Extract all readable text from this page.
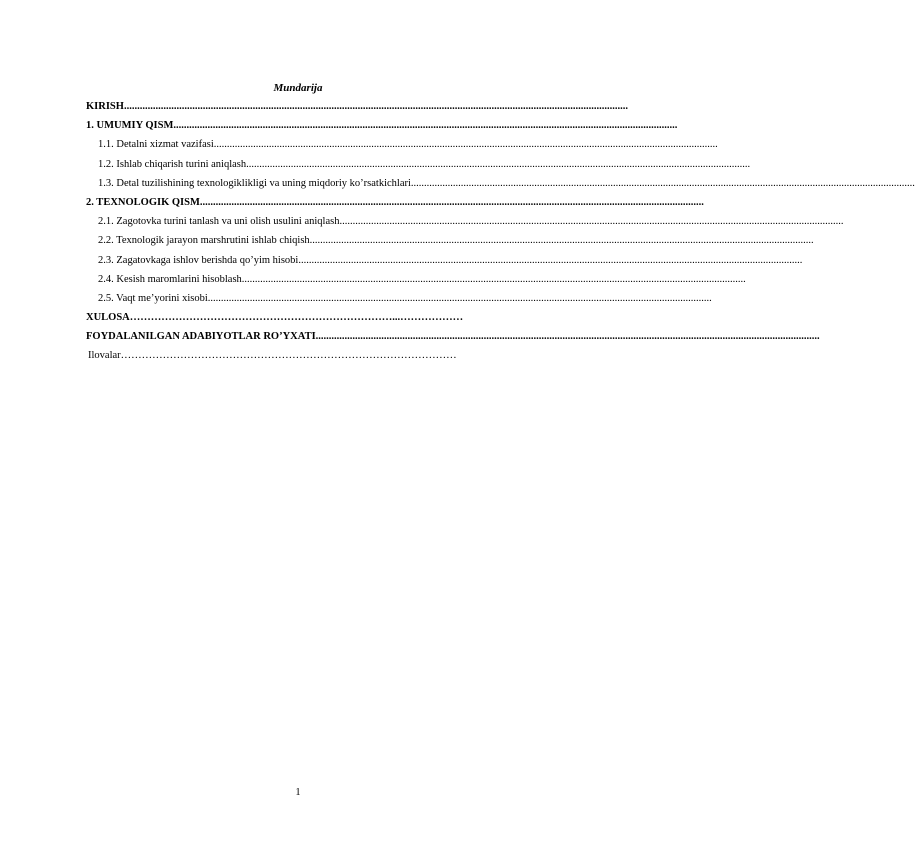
Mundarija
KIRISH ................................................................................................................................................................................................
1. UMUMIY QISM ................................................................................................................................................................................................
1.1. Detalni xizmat vazifasi ................................................................................................................................................................................................
1.2. Ishlab chiqarish turini aniqlash ................................................................................................................................................................................................
1.3. Detal tuzilishining texnologiklikligi va uning miqdoriy ko’rsatkichlari ................................................................................................................................................................................................
2. TEXNOLOGIK QISM ................................................................................................................................................................................................
2.1. Zagotovka turini tanlash va uni olish usulini aniqlash ................................................................................................................................................................................................
2.2. Texnologik jarayon marshrutini ishlab chiqish ................................................................................................................................................................................................
2.3. Zagatovkaga ishlov berishda qo’yim hisobi ................................................................................................................................................................................................
2.4. Kesish maromlarini hisoblash ................................................................................................................................................................................................
2.5. Vaqt me’yorini xisobi ................................................................................................................................................................................................
XULOSA …………………………………………………………………...………………
FOYDALANILGAN ADABIYOTLAR RO’YXATI ................................................................................................................................................................................................
Ilovalar ……………………………………………………………………………………
1
